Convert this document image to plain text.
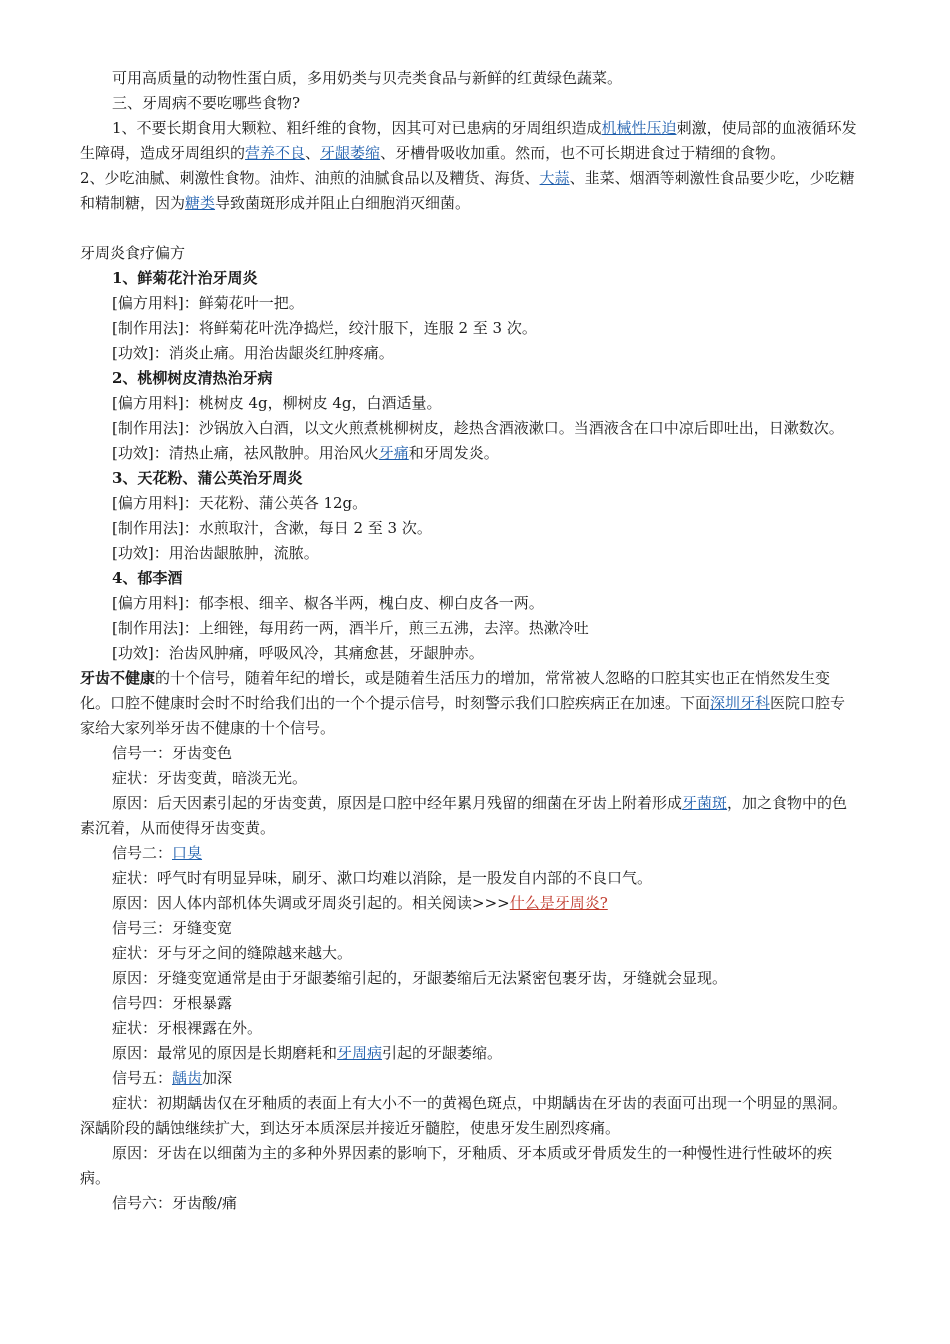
可用高质量的动物性蛋白质，多用奶类与贝壳类食品与新鲜的红黄绿色蔬菜。

三、牙周病不要吃哪些食物?

1、不要长期食用大颗粒、粗纤维的食物，因其可对已患病的牙周组织造成机械性压迫刺激，使局部的血液循环发生障碍，造成牙周组织的营养不良、牙龈萎缩、牙槽骨吸收加重。然而，也不可长期进食过于精细的食物。

2、少吃油腻、刺激性食物。油炸、油煎的油腻食品以及糟货、海货、大蒜、韭菜、烟酒等刺激性食品要少吃，少吃糖和精制糖，因为糖类导致菌斑形成并阻止白细胞消灭细菌。

牙周炎食疗偏方

1、鲜菊花汁治牙周炎

[偏方用料]：鲜菊花叶一把。

[制作用法]：将鲜菊花叶洗净捣烂，绞汁服下，连服 2 至 3 次。

[功效]：消炎止痛。用治齿龈炎红肿疼痛。

2、桃柳树皮清热治牙病

[偏方用料]：桃树皮 4g，柳树皮 4g，白酒适量。

[制作用法]：沙锅放入白酒，以文火煎煮桃柳树皮，趁热含酒液漱口。当酒液含在口中凉后即吐出，日漱数次。

[功效]：清热止痛，祛风散肿。用治风火牙痛和牙周发炎。

3、天花粉、蒲公英治牙周炎

[偏方用料]：天花粉、蒲公英各 12g。

[制作用法]：水煎取汁，含漱，每日 2 至 3 次。

[功效]：用治齿龈脓肿，流脓。

4、郁李酒

[偏方用料]：郁李根、细辛、椒各半两，槐白皮、柳白皮各一两。

[制作用法]：上细锉，每用药一两，酒半斤，煎三五沸，去滓。热漱冷吐

[功效]：治齿风肿痛，呼吸风冷，其痛愈甚，牙龈肿赤。

牙齿不健康的十个信号，随着年纪的增长，或是随着生活压力的增加，常常被人忽略的口腔其实也正在悄然发生变化。口腔不健康时会时不时给我们出的一个个提示信号，时刻警示我们口腔疾病正在加速。下面深圳牙科医院口腔专家给大家列举牙齿不健康的十个信号。

信号一：牙齿变色

症状：牙齿变黄，暗淡无光。

原因：后天因素引起的牙齿变黄，原因是口腔中经年累月残留的细菌在牙齿上附着形成牙菌斑，加之食物中的色素沉着，从而使得牙齿变黄。

信号二：口臭

症状：呼气时有明显异味，刷牙、漱口均难以消除，是一股发自内部的不良口气。

原因：因人体内部机体失调或牙周炎引起的。相关阅读>>>什么是牙周炎?

信号三：牙缝变宽

症状：牙与牙之间的缝隙越来越大。

原因：牙缝变宽通常是由于牙龈萎缩引起的，牙龈萎缩后无法紧密包裹牙齿，牙缝就会显现。

信号四：牙根暴露

症状：牙根裸露在外。

原因：最常见的原因是长期磨耗和牙周病引起的牙龈萎缩。

信号五：龋齿加深

症状：初期龋齿仅在牙釉质的表面上有大小不一的黄褐色斑点，中期龋齿在牙齿的表面可出现一个明显的黑洞。深龋阶段的龋蚀继续扩大，到达牙本质深层并接近牙髓腔，使患牙发生剧烈疼痛。

原因：牙齿在以细菌为主的多种外界因素的影响下，牙釉质、牙本质或牙骨质发生的一种慢性进行性破坏的疾病。

信号六：牙齿酸/痛
